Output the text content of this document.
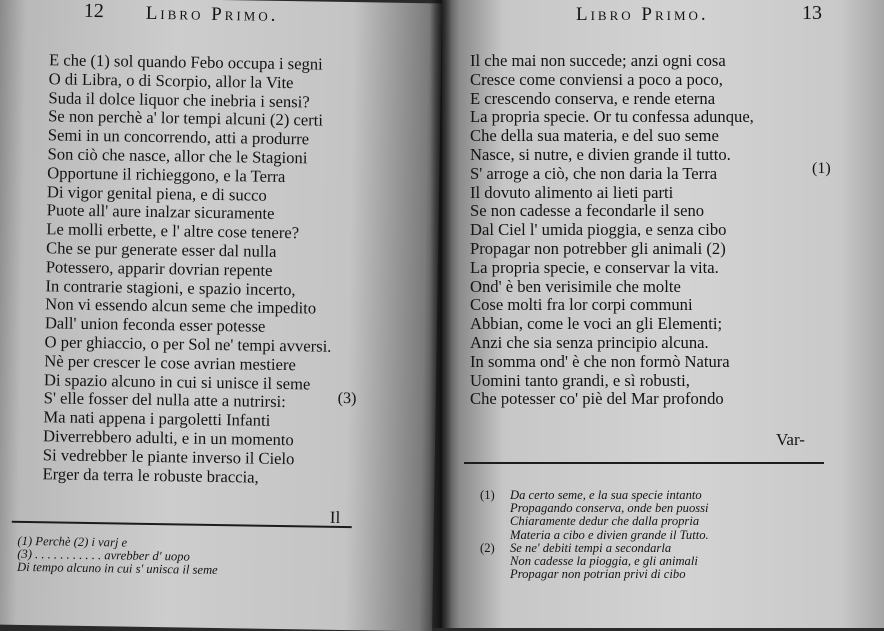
12 Libro Primo.
E che (1) sol quando Febo occupa i segni
O di Libra, o di Scorpio, allor la Vite
Suda il dolce liquor che inebria i sensi?
Se non perchè a' lor tempi alcuni (2) certi
Semi in un concorrendo, atti a produrre
Son ciò che nasce, allor che le Stagioni
Opportune il richieggono, e la Terra
Di vigor genital piena, e di succo
Puote all' aure inalzar sicuramente
Le molli erbette, e l' altre cose tenere?
Che se pur generate esser dal nulla
Potessero, apparir dovrian repente
In contrarie stagioni, e spazio incerto,
Non vi essendo alcun seme che impedito
Dall' union feconda esser potesse
O per ghiaccio, o per Sol ne' tempi avversi.
Nè per crescer le cose avrian mestiere
Di spazio alcuno in cui si unisce il seme
S' elle fosser del nulla atte a nutrirsi:
Ma nati appena i pargoletti Infanti
Diverrebbero adulti, e in un momento
Si vedrebber le piante inverso il Cielo
Erger da terra le robuste braccia,
(3)
Il
(1) Perchè (2) i varj e
(3) . . . . . . . . . . . avrebber d' uopo
Di tempo alcuno in cui s' unisca il seme
Libro Primo.	13
Il che mai non succede; anzi ogni cosa
Cresce come conviensi a poco a poco,
E crescendo conserva, e rende eterna
La propria specie. Or tu confessa adunque,
Che della sua materia, e del suo seme
Nasce, si nutre, e divien grande il tutto.
S' arroge a ciò, che non daria la Terra
Il dovuto alimento ai lieti parti
Se non cadesse a fecondarle il seno
Dal Ciel l' umida pioggia, e senza cibo
Propagar non potrebber gli animali (2)
La propria specie, e conservar la vita.
Ond' è ben verisimile che molte
Cose molti fra lor corpi communi
Abbian, come le voci an gli Elementi;
Anzi che sia senza principio alcuna.
In somma ond' è che non formò Natura
Uomini tanto grandi, e sì robusti,
Che potesser co' piè del Mar profondo
(1)
Var-
(1) Da certo seme, e la sua specie intanto
Propagando conserva, onde ben puossi
Chiaramente dedur che dalla propria
Materia a cibo e divien grande il Tutto.
(2) Se ne' debiti tempi a secondarla
Non cadesse la pioggia, e gli animali
Propagar non potrian privi di cibo
